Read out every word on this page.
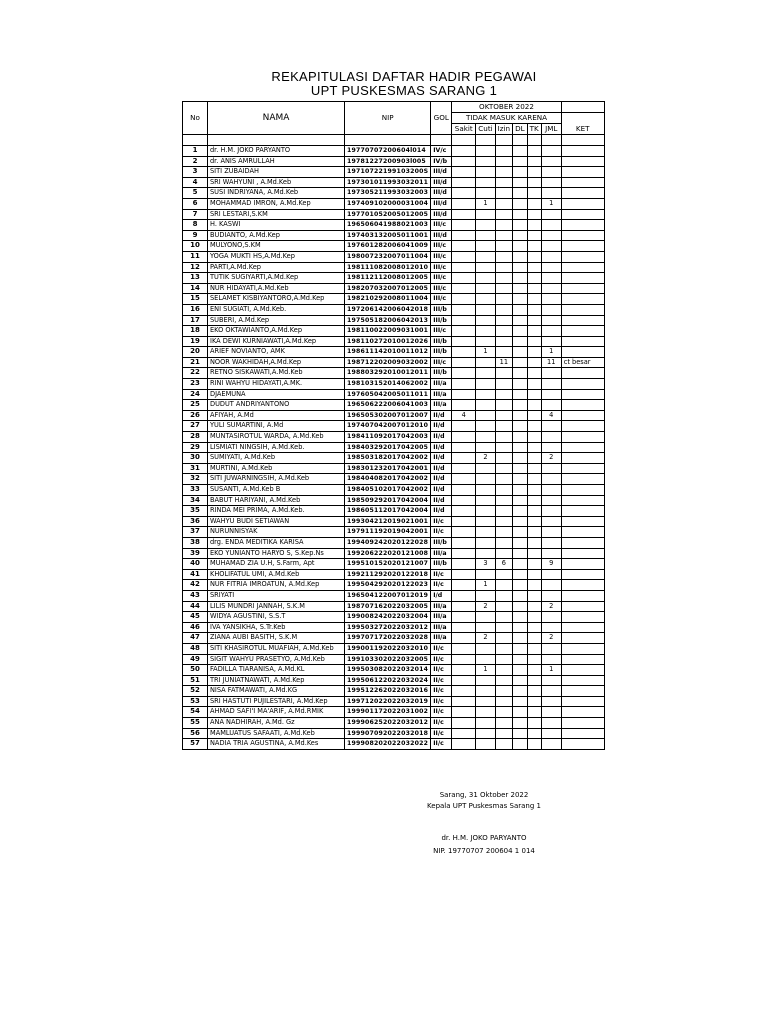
REKAPITULASI DAFTAR HADIR PEGAWAI
UPT PUSKESMAS SARANG 1
No	NAMA	NIP		OKTOBER 2022						
			GOL	TIDAK MASUK KARENA						
				Sakit	Cuti	Izin	DL	TK	JML	KET

1	dr. H.M. JOKO PARYANTO	19770707200604l014	IV/c							
2	dr. ANIS AMRULLAH	19781227200903l005	IV/b							
3	SITI ZUBAIDAH	19710722199103200S	III/d							
4	SRI WAHYUNI , A.Md.Keb	197301011993032011	III/d							
5	SUSI INDRIYANA, A.Md.Keb	197305211993032003	III/d							
6	MOHAMMAD IMRON, A.Md.Kep	197409102000031004	III/d		1				1	
7	SRI LESTARI,S.KM	197701052005012005	III/d							
8	H. KASWI	196506041988021003	III/c							
9	BUDIANTO, A.Md.Kep	197403132005011001	III/d							
10	MULYONO,S.KM	197601282006041009	III/c							
11	YOGA MUKTI HS,A.Md.Kep	198007232007011004	III/c							
12	PARTI,A.Md.Kep	198111082008012010	III/c							
13	TUTIK SUGIYARTI,A.Md.Kep	198112112008012005	III/c							
14	NUR HIDAYATI,A.Md.Keb	198207032007012005	III/c							
15	SELAMET KISBIYANTORO,A.Md.Kep	198210292008011004	III/c							
16	ENI SUGIATI, A.Md.Keb.	197206142006042018	III/b							
17	SUBERI, A.Md.Kep	197505182006042013	III/b							
18	EKO OKTAWIANTO,A.Md.Kep	198110022009031001	III/c							
19	IKA DEWI KURNIAWATI,A.Md.Kep	198110272010012026	III/b							
20	ARIEF NOVIANTO, AMK	198611142010011012	III/b		1				1	
21	NOOR WAKHIDAH,A.Md.Kep	198712202009032002	III/c			11			11	ct besar
22	RETNO SISKAWATI,A.Md.Keb	198803292010012011	III/b							
23	RINI WAHYU HIDAYATI,A.MK.	198103152014062002	III/a							
24	DJAEMUNA	197605042005011011	III/a							
25	DUDUT ANDRIYANTONO	196506222006041003	III/a							
26	AFIYAH, A.Md	196505302007012007	II/d	4					4	
27	YULI SUMARTINI, A.Md	197407042007012010	II/d							
28	MUNTASIROTUL WARDA, A.Md.Keb	198411092017042003	II/d							
29	LISMIATI NINGSIH, A.Md.Keb.	198403292017042005	II/d							
30	SUMIYATI, A.Md.Keb	198503182017042002	II/d		2				2	
31	MURTINI, A.Md.Keb	198301232017042001	II/d							
32	SITI JUWARNINGSIH, A.Md.Keb	198404082017042002	II/d							
33	SUSANTI, A.Md.Keb B	198405102017042002	II/d							
34	BABUT HARIYANI, A.Md.Keb	198509292017042004	II/d							
35	RINDA MEI PRIMA, A.Md.Keb.	198605112017042004	II/d							
36	WAHYU BUDI SETIAWAN	199304212019021001	II/c							
37	NURUNNISYAK	197911192019042001	II/c							
38	drg. ENDA MEDITIKA KARISA	199409242020122028	III/b							
39	EKO YUNIANTO HARYO S, S.Kep.Ns	199206222020121008	III/a							
40	MUHAMAD ZIA U.H, S.Farm, Apt	199510152020121007	III/b		3	6			9	
41	KHOLIFATUL UMI, A.Md.Keb	199211292020122018	II/c							
42	NUR FITRIA IMROATUN, A.Md.Kep	199504292020122023	II/c		1					
43	SRIYATI	196504122007012019	I/d							
44	LILIS MUNDRI JANNAH, S.K.M	198707162022032005	III/a		2				2	
45	WIDYA AGUSTINI, S.S.T	199008242022032004	III/a							
46	IVA YANSIKHA, S.Tr.Keb	199503272022032012	III/a							
47	ZIANA AUBI BASITH, S.K.M	199707172022032028	III/a		2				2	
48	SITI KHASIROTUL MUAFIAH, A.Md.Keb	199001192022032010	II/c							
49	SIGIT WAHYU PRASETYO, A.Md.Keb	199103302022032005	II/c							
50	FADILLA TIARANISA, A.Md.KL	199503082022032014	II/c		1				1	
51	TRI JUNIATNAWATI, A.Md.Kep	199506122022032024	II/c							
52	NISA FATMAWATI, A.Md.KG	199512262022032016	II/c							
53	SRI HASTUTI PUJILESTARI, A.Md.Kep	199712022022032019	II/c							
54	AHMAD SAFI'I MA'ARIF, A.Md.RMIK	199901172022031002	II/c							
55	ANA NADHIRAH, A.Md. Gz	199906252022032012	II/c							
56	MAMLUATUS SAFAATI, A.Md.Keb	199907092022032018	II/c							
57	NADIA TRIA AGUSTINA, A.Md.Kes	199908202022032022	II/c							
Sarang, 31 Oktober 2022
Kepala UPT Puskesmas Sarang 1
dr. H.M. JOKO PARYANTO
NIP. 19770707 200604 1 014
